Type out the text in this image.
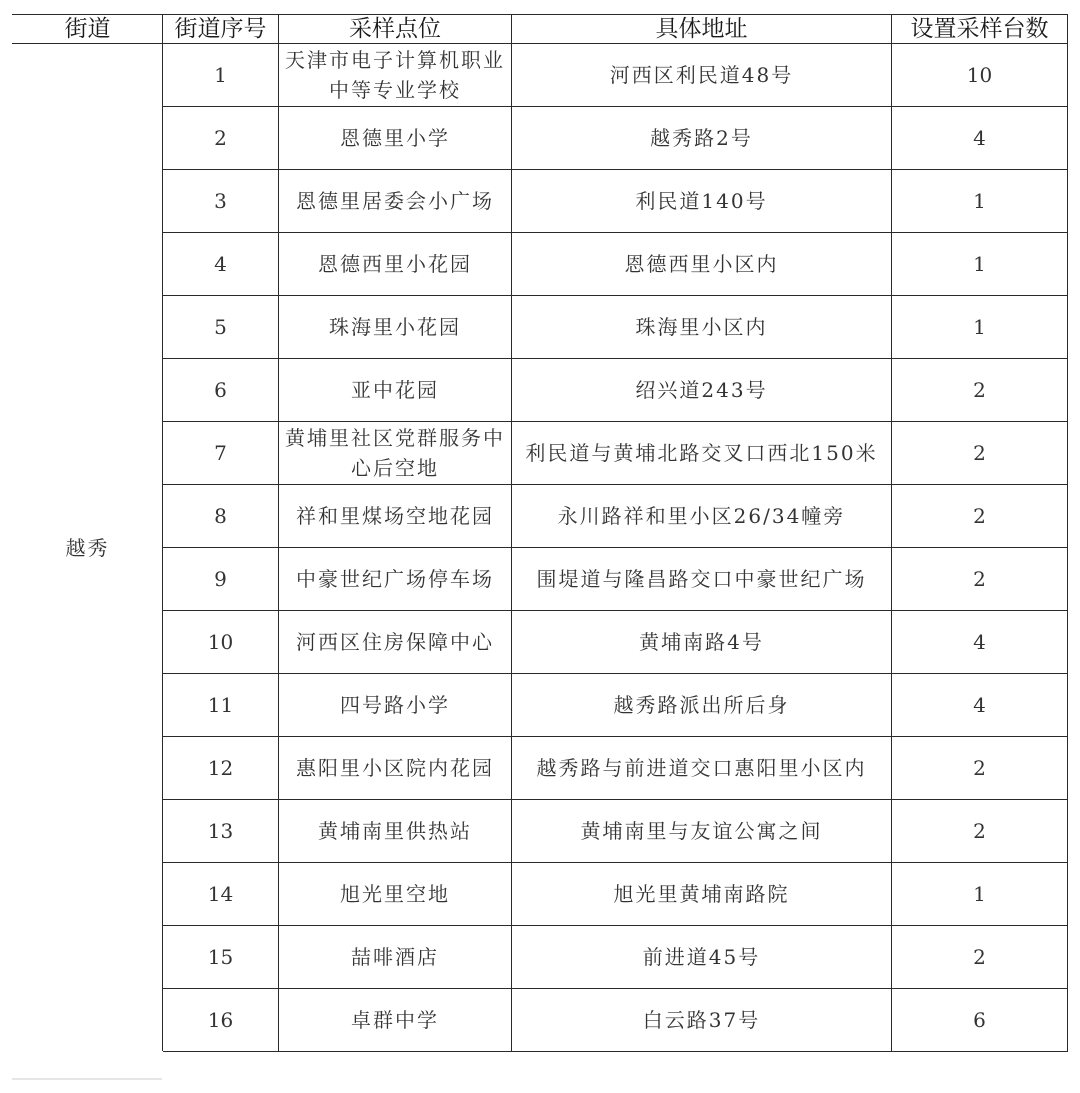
街道	街道序号	采样点位	具体地址	设置采样台数
越秀	1	天津市电子计算机职业中等专业学校	河西区利民道48号	10
	2	恩德里小学	越秀路2号	4
	3	恩德里居委会小广场	利民道140号	1
	4	恩德西里小花园	恩德西里小区内	1
	5	珠海里小花园	珠海里小区内	1
	6	亚中花园	绍兴道243号	2
	7	黄埔里社区党群服务中心后空地	利民道与黄埔北路交叉口西北150米	2
	8	祥和里煤场空地花园	永川路祥和里小区26/34幢旁	2
	9	中豪世纪广场停车场	围堤道与隆昌路交口中豪世纪广场	2
	10	河西区住房保障中心	黄埔南路4号	4
	11	四号路小学	越秀路派出所后身	4
	12	惠阳里小区院内花园	越秀路与前进道交口惠阳里小区内	2
	13	黄埔南里供热站	黄埔南里与友谊公寓之间	2
	14	旭光里空地	旭光里黄埔南路院	1
	15	喆啡酒店	前进道45号	2
	16	卓群中学	白云路37号	6
